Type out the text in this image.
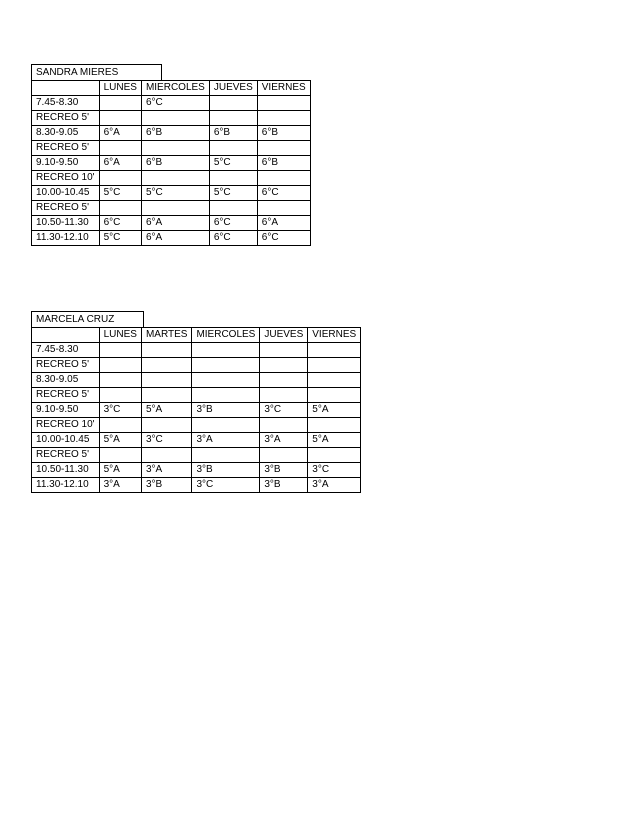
SANDRA MIERES
	LUNES	MIERCOLES	JUEVES	VIERNES
7.45-8.30		6°C		
RECREO 5'				
8.30-9.05	6°A	6°B	6°B	6°B
RECREO 5'				
9.10-9.50	6°A	6°B	5°C	6°B
RECREO 10'				
10.00-10.45	5°C	5°C	5°C	6°C
RECREO 5'				
10.50-11.30	6°C	6°A	6°C	6°A
11.30-12.10	5°C	6°A	6°C	6°C
MARCELA CRUZ
	LUNES	MARTES	MIERCOLES	JUEVES	VIERNES
7.45-8.30					
RECREO 5'					
8.30-9.05					
RECREO 5'					
9.10-9.50	3°C	5°A	3°B	3°C	5°A
RECREO 10'					
10.00-10.45	5°A	3°C	3°A	3°A	5°A
RECREO 5'					
10.50-11.30	5°A	3°A	3°B	3°B	3°C
11.30-12.10	3°A	3°B	3°C	3°B	3°A
